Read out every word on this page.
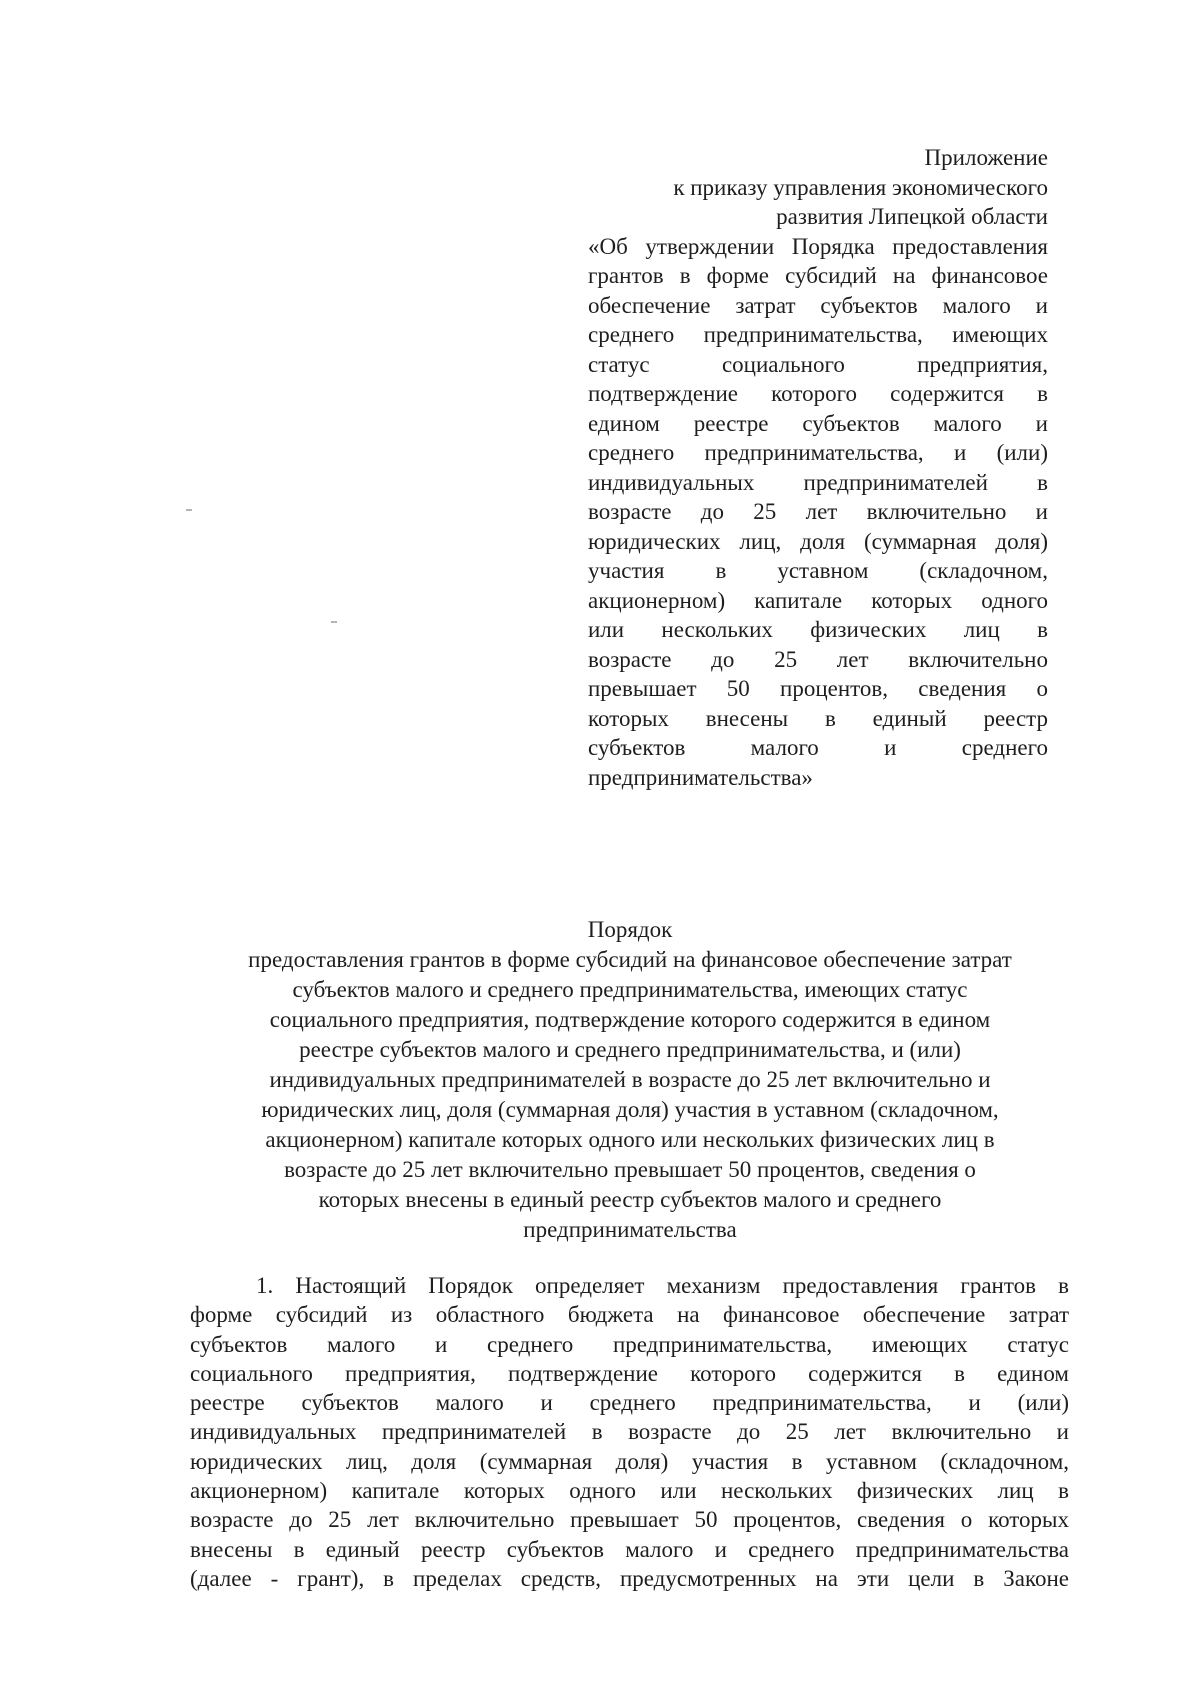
Приложение
к приказу управления экономического
развития Липецкой области
«Об утверждении Порядка предоставления
грантов в форме субсидий на финансовое
обеспечение затрат субъектов малого и
среднего предпринимательства, имеющих
статус социального предприятия,
подтверждение которого содержится в
едином реестре субъектов малого и
среднего предпринимательства, и (или)
индивидуальных предпринимателей в
возрасте до 25 лет включительно и
юридических лиц, доля (суммарная доля)
участия в уставном (складочном,
акционерном) капитале которых одного
или нескольких физических лиц в
возрасте до 25 лет включительно
превышает 50 процентов, сведения о
которых внесены в единый реестр
субъектов малого и среднего
предпринимательства»
Порядок
предоставления грантов в форме субсидий на финансовое обеспечение затрат
субъектов малого и среднего предпринимательства, имеющих статус
социального предприятия, подтверждение которого содержится в едином
реестре субъектов малого и среднего предпринимательства, и (или)
индивидуальных предпринимателей в возрасте до 25 лет включительно и
юридических лиц, доля (суммарная доля) участия в уставном (складочном,
акционерном) капитале которых одного или нескольких физических лиц в
возрасте до 25 лет включительно превышает 50 процентов, сведения о
которых внесены в единый реестр субъектов малого и среднего
предпринимательства
1. Настоящий Порядок определяет механизм предоставления грантов в
форме субсидий из областного бюджета на финансовое обеспечение затрат
субъектов малого и среднего предпринимательства, имеющих статус
социального предприятия, подтверждение которого содержится в едином
реестре субъектов малого и среднего предпринимательства, и (или)
индивидуальных предпринимателей в возрасте до 25 лет включительно и
юридических лиц, доля (суммарная доля) участия в уставном (складочном,
акционерном) капитале которых одного или нескольких физических лиц в
возрасте до 25 лет включительно превышает 50 процентов, сведения о которых
внесены в единый реестр субъектов малого и среднего предпринимательства
(далее - грант), в пределах средств, предусмотренных на эти цели в Законе
